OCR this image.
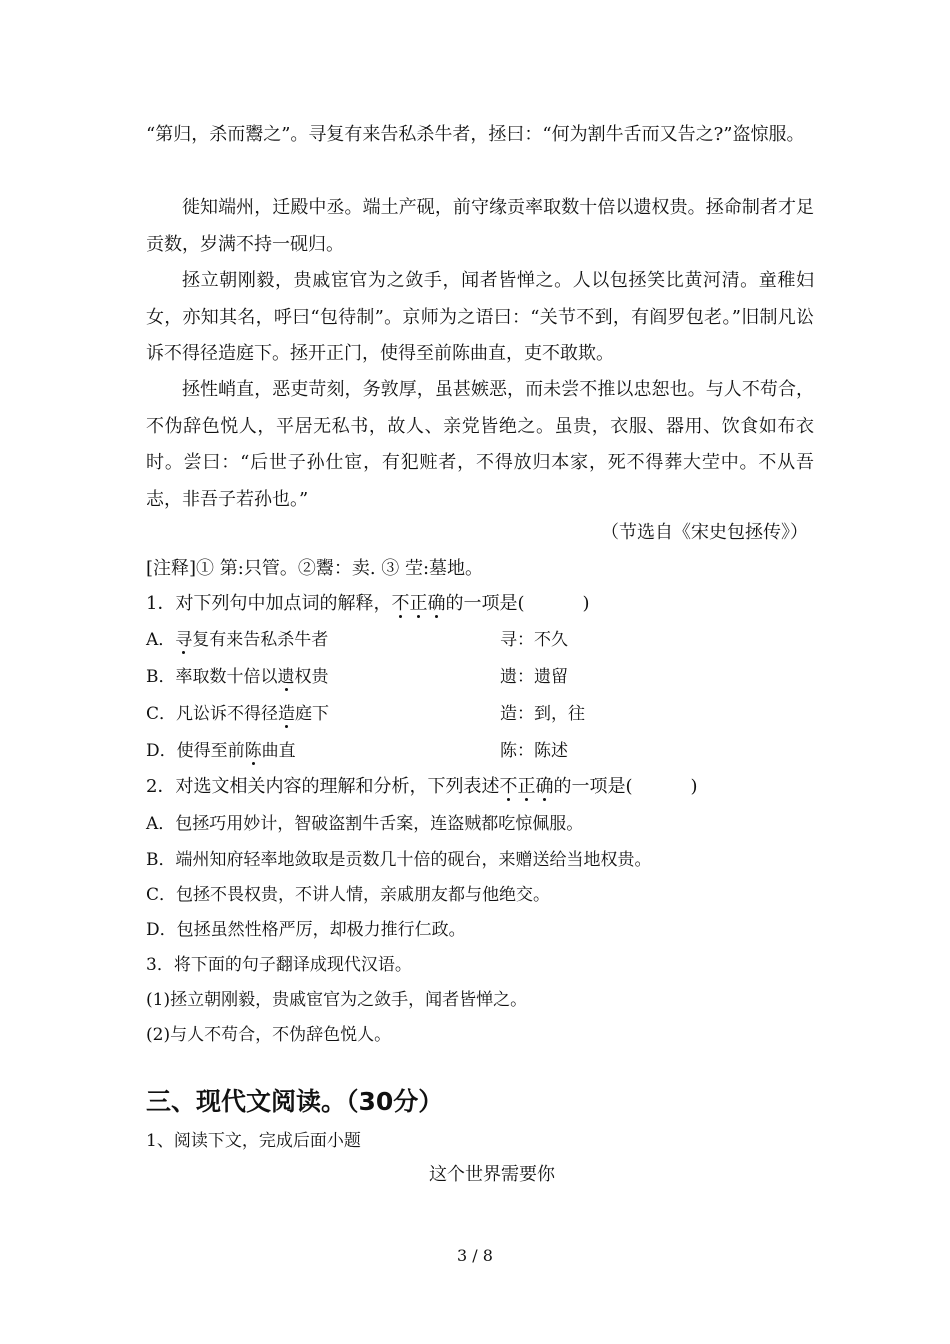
“第归，杀而鬻之”。寻复有来告私杀牛者，拯曰：“何为割牛舌而又告之?”盗惊服。
徙知端州，迁殿中丞。端土产砚，前守缘贡率取数十倍以遗权贵。拯命制者才足贡数，岁满不持一砚归。
拯立朝刚毅，贵戚宦官为之敛手，闻者皆惮之。人以包拯笑比黄河清。童稚妇女，亦知其名，呼曰“包待制”。京师为之语曰：“关节不到，有阎罗包老。”旧制凡讼诉不得径造庭下。拯开正门，使得至前陈曲直，吏不敢欺。
拯性峭直，恶吏苛刻，务敦厚，虽甚嫉恶，而未尝不推以忠恕也。与人不苟合，不伪辞色悦人，平居无私书，故人、亲党皆绝之。虽贵，衣服、器用、饮食如布衣时。尝曰：“后世子孙仕宦，有犯赃者，不得放归本家，死不得葬大茔中。不从吾志，非吾子若孙也。”
（节选自《宋史包拯传》）
[注释]① 第:只管。②鬻：卖. ③ 茔:墓地。
1．对下列句中加点词的解释，不正确的一项是(	)
A．寻复有来告私杀牛者	寻：不久
B．率取数十倍以遗权贵	遗：遗留
C．凡讼诉不得径造庭下	造：到，往
D．使得至前陈曲直	陈：陈述
2．对选文相关内容的理解和分析，下列表述不正确的一项是(	)
A．包拯巧用妙计，智破盗割牛舌案，连盗贼都吃惊佩服。
B．端州知府轻率地敛取是贡数几十倍的砚台，来赠送给当地权贵。
C．包拯不畏权贵，不讲人情，亲戚朋友都与他绝交。
D．包拯虽然性格严厉，却极力推行仁政。
3．将下面的句子翻译成现代汉语。
(1)拯立朝刚毅，贵戚宦官为之敛手，闻者皆惮之。
(2)与人不苟合，不伪辞色悦人。
三、现代文阅读。（30分）
1、阅读下文，完成后面小题
这个世界需要你
3 / 8
